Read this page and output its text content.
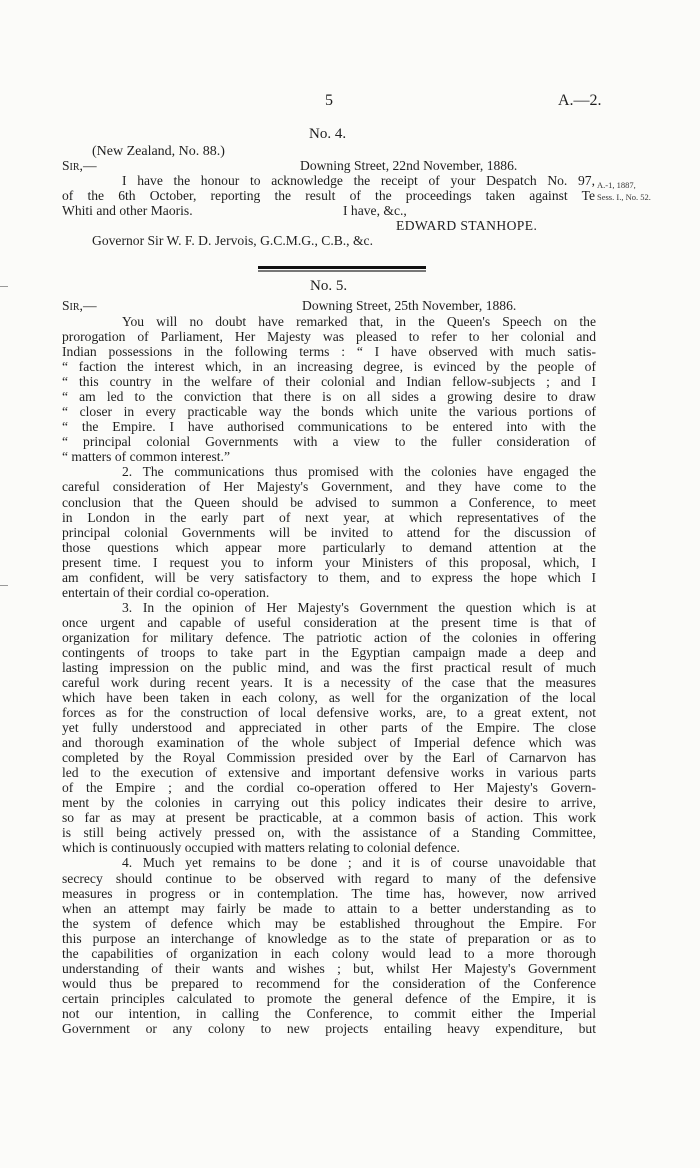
5	A.—2.
No. 4.
(New Zealand, No. 88.)
Sir,—	Downing Street, 22nd November, 1886.
I have the honour to acknowledge the receipt of your Despatch No. 97,
of the 6th October, reporting the result of the proceedings taken against Te
Whiti and other Maoris.
A.-1, 1887,
Sess. I., No. 52.
I have, &c.,
EDWARD STANHOPE.
Governor Sir W. F. D. Jervois, G.C.M.G., C.B., &c.
No. 5.
Sir,—	Downing Street, 25th November, 1886.
You will no doubt have remarked that, in the Queen's Speech on the
prorogation of Parliament, Her Majesty was pleased to refer to her colonial and
Indian possessions in the following terms : “ I have observed with much satis-
“ faction the interest which, in an increasing degree, is evinced by the people of
“ this country in the welfare of their colonial and Indian fellow-subjects ; and I
“ am led to the conviction that there is on all sides a growing desire to draw
“ closer in every practicable way the bonds which unite the various portions of
“ the Empire. I have authorised communications to be entered into with the
“ principal colonial Governments with a view to the fuller consideration of
“ matters of common interest.”
2. The communications thus promised with the colonies have engaged the
careful consideration of Her Majesty's Government, and they have come to the
conclusion that the Queen should be advised to summon a Conference, to meet
in London in the early part of next year, at which representatives of the
principal colonial Governments will be invited to attend for the discussion of
those questions which appear more particularly to demand attention at the
present time. I request you to inform your Ministers of this proposal, which, I
am confident, will be very satisfactory to them, and to express the hope which I
entertain of their cordial co-operation.
3. In the opinion of Her Majesty's Government the question which is at
once urgent and capable of useful consideration at the present time is that of
organization for military defence. The patriotic action of the colonies in offering
contingents of troops to take part in the Egyptian campaign made a deep and
lasting impression on the public mind, and was the first practical result of much
careful work during recent years. It is a necessity of the case that the measures
which have been taken in each colony, as well for the organization of the local
forces as for the construction of local defensive works, are, to a great extent, not
yet fully understood and appreciated in other parts of the Empire. The close
and thorough examination of the whole subject of Imperial defence which was
completed by the Royal Commission presided over by the Earl of Carnarvon has
led to the execution of extensive and important defensive works in various parts
of the Empire ; and the cordial co-operation offered to Her Majesty's Govern-
ment by the colonies in carrying out this policy indicates their desire to arrive,
so far as may at present be practicable, at a common basis of action. This work
is still being actively pressed on, with the assistance of a Standing Committee,
which is continuously occupied with matters relating to colonial defence.
4. Much yet remains to be done ; and it is of course unavoidable that
secrecy should continue to be observed with regard to many of the defensive
measures in progress or in contemplation. The time has, however, now arrived
when an attempt may fairly be made to attain to a better understanding as to
the system of defence which may be established throughout the Empire. For
this purpose an interchange of knowledge as to the state of preparation or as to
the capabilities of organization in each colony would lead to a more thorough
understanding of their wants and wishes ; but, whilst Her Majesty's Government
would thus be prepared to recommend for the consideration of the Conference
certain principles calculated to promote the general defence of the Empire, it is
not our intention, in calling the Conference, to commit either the Imperial
Government or any colony to new projects entailing heavy expenditure, but
